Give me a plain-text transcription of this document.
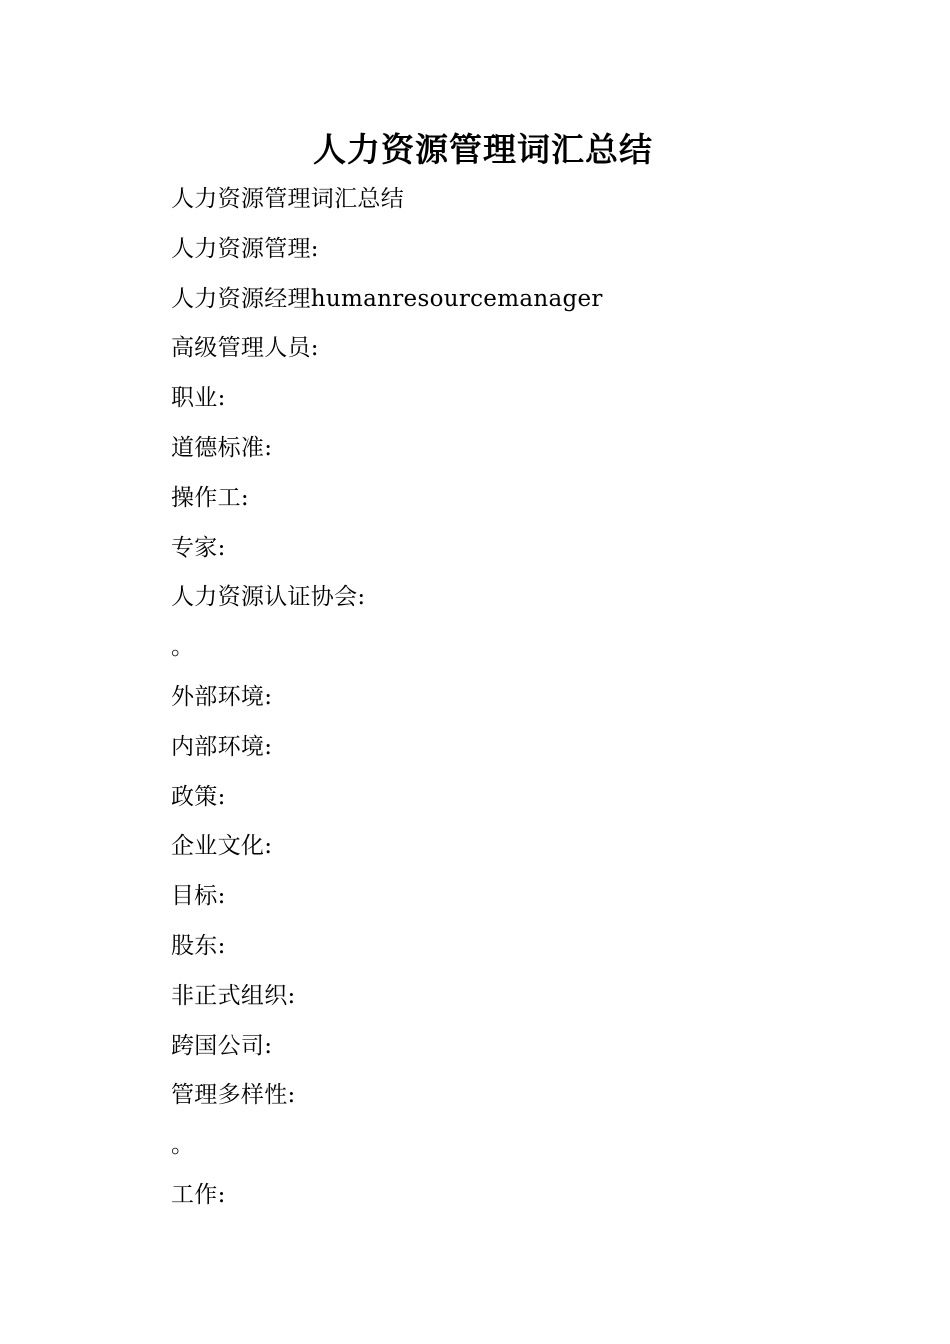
人力资源管理词汇总结
人力资源管理词汇总结
人力资源管理:
人力资源经理humanresourcemanager
高级管理人员:
职业:
道德标准:
操作工:
专家:
人力资源认证协会:
。
外部环境:
内部环境:
政策:
企业文化:
目标:
股东:
非正式组织:
跨国公司:
管理多样性:
。
工作:
